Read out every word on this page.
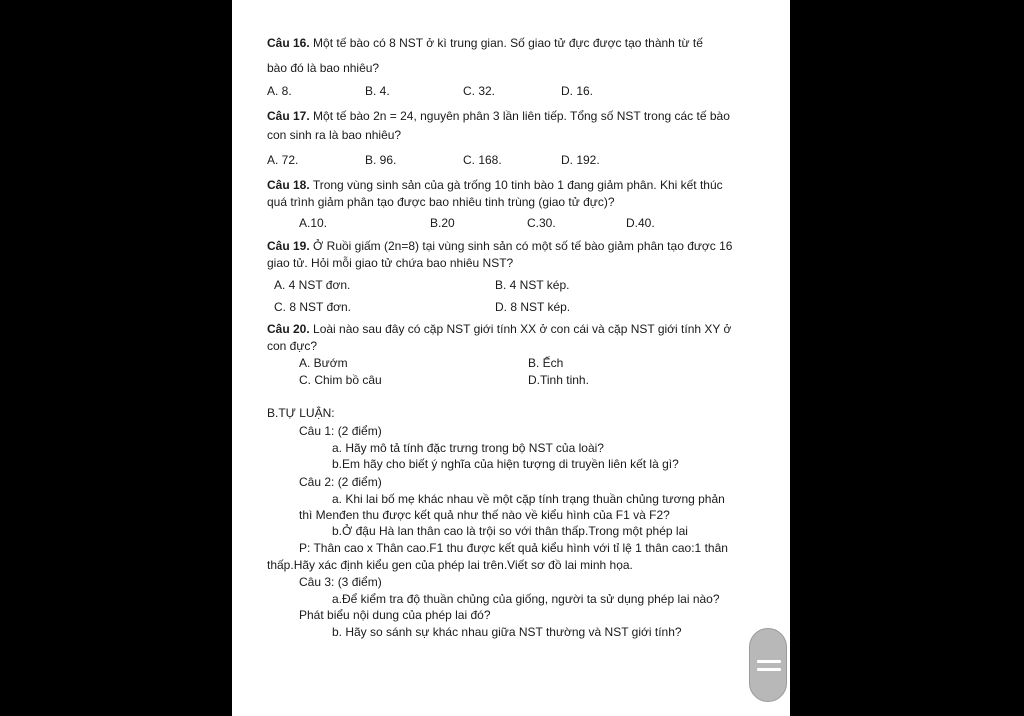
Câu 16. Một tế bào có 8 NST ở kì trung gian. Số giao tử đực được tạo thành từ tế
bào đó là bao nhiêu?
A. 8.	B. 4.	C. 32.	D. 16.
Câu 17. Một tế bào 2n = 24, nguyên phân 3 lần liên tiếp. Tổng số NST trong các tế bào
con sinh ra là bao nhiêu?
A. 72.	B. 96.	C. 168.	D. 192.
Câu 18. Trong vùng sinh sản của gà trống 10 tinh bào 1 đang giảm phân. Khi kết thúc
quá trình giảm phân tạo được bao nhiêu tinh trùng (giao tử đực)?
A.10.	B.20	C.30.	D.40.
Câu 19. Ở Ruồi giấm (2n=8) tại vùng sinh sản có một số tế bào giảm phân tạo được 16
giao tử. Hỏi mỗi giao tử chứa bao nhiêu NST?
A. 4 NST đơn.	B. 4 NST kép.
C. 8 NST đơn.	D. 8 NST kép.
Câu 20. Loài nào sau đây có cặp NST giới tính XX ở con cái và cặp NST giới tính XY ở
con đực?
A. Bướm	B. Ếch
C. Chim bồ câu	D.Tinh tinh.
B.TỰ LUẬN:
Câu 1: (2 điểm)
a. Hãy mô tả tính đặc trưng trong bộ NST của loài?
b.Em hãy cho biết ý nghĩa của hiện tượng di truyền liên kết là gì?
Câu 2: (2 điểm)
a. Khi lai bố mẹ khác nhau về một cặp tính trạng thuần chủng tương phản
thì Menđen thu được kết quả như thế nào về kiểu hình của F1 và F2?
b.Ở đậu Hà lan thân cao là trội so với thân thấp.Trong một phép lai
P: Thân cao x Thân cao.F1 thu được kết quả kiểu hình với tỉ lệ 1 thân cao:1 thân
thấp.Hãy xác định kiểu gen của phép lai trên.Viết sơ đồ lai minh họa.
Câu 3: (3 điểm)
a.Để kiểm tra độ thuần chủng của giống, người ta sử dụng phép lai nào?
Phát biểu nội dung của phép lai đó?
b. Hãy so sánh sự khác nhau giữa NST thường và NST giới tính?
